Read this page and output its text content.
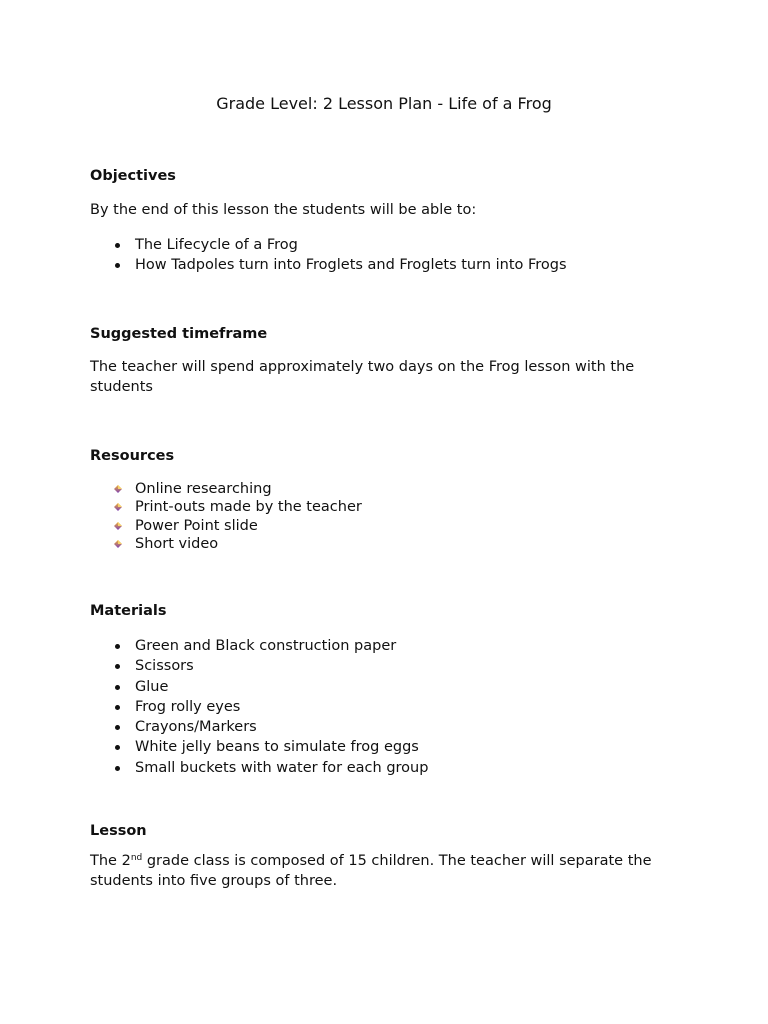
Grade Level: 2 Lesson Plan - Life of a Frog
Objectives
By the end of this lesson the students will be able to:
The Lifecycle of a Frog
How Tadpoles turn into Froglets and Froglets turn into Frogs
Suggested timeframe
The teacher will spend approximately two days on the Frog lesson with the students
Resources
Online researching
Print-outs made by the teacher
Power Point slide
Short video
Materials
Green and Black construction paper
Scissors
Glue
Frog rolly eyes
Crayons/Markers
White jelly beans to simulate frog eggs
Small buckets with water for each group
Lesson
The 2nd grade class is composed of 15 children. The teacher will separate the students into five groups of three.
